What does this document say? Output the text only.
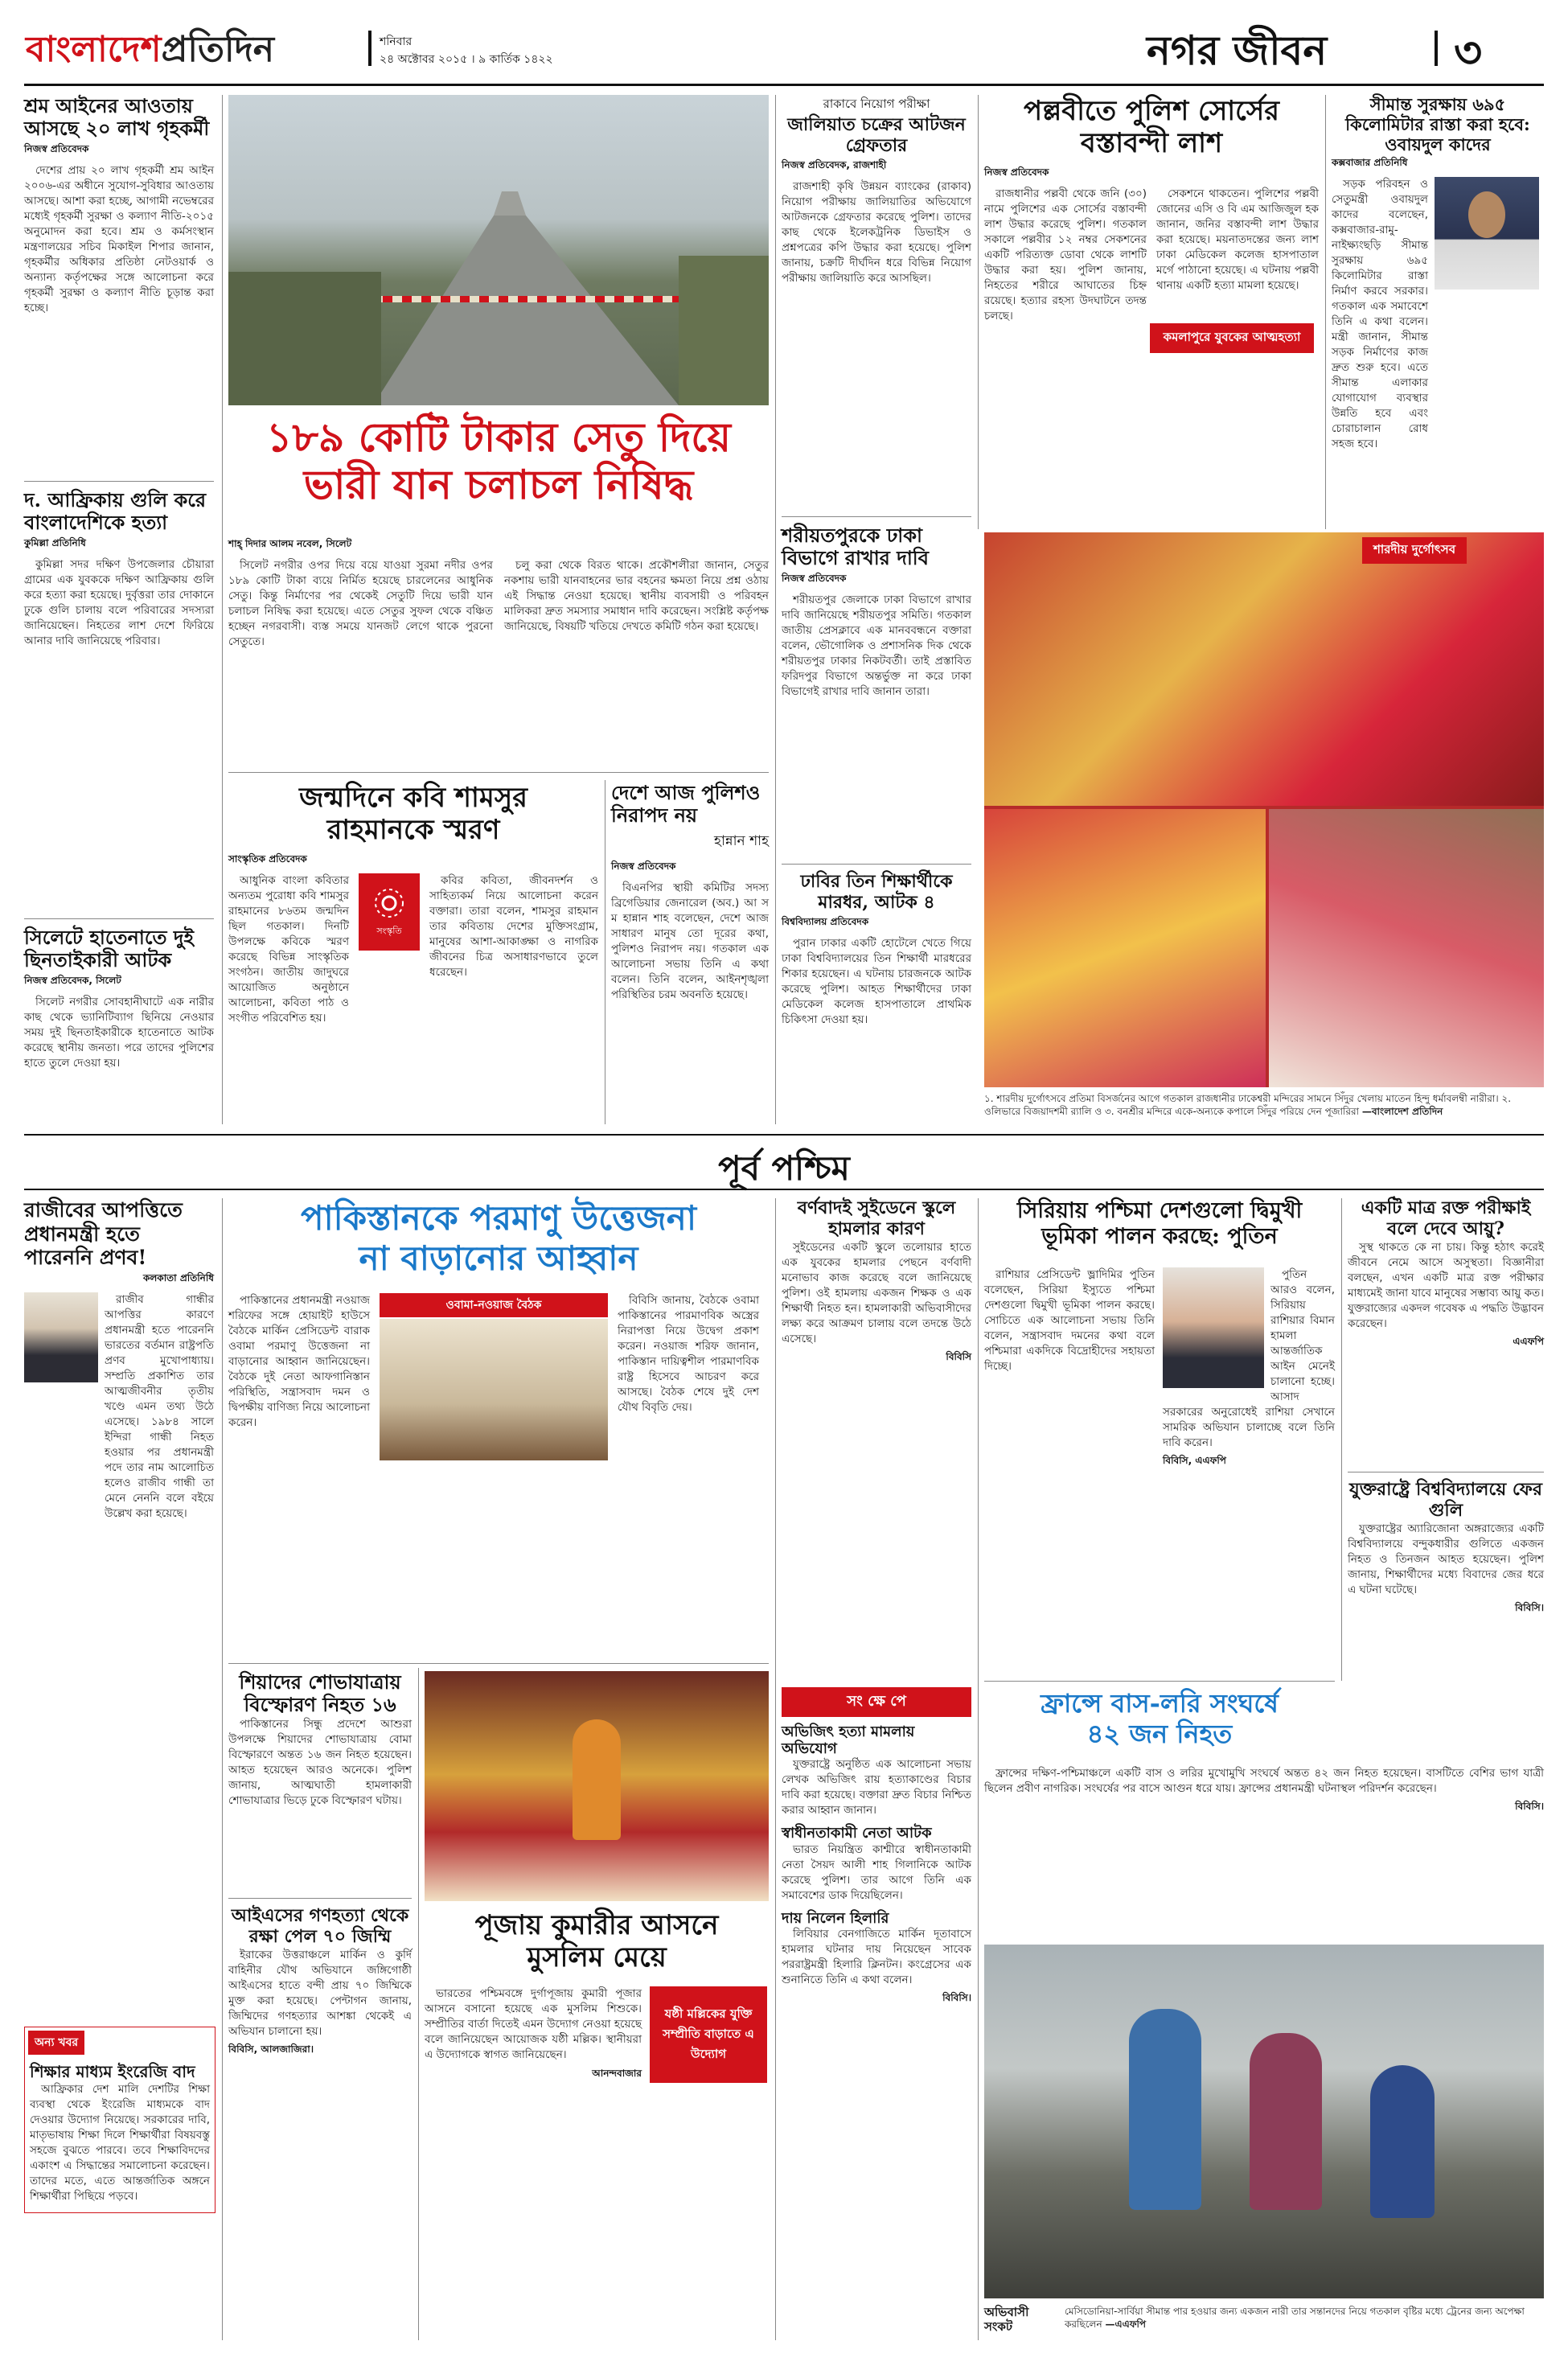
বাংলাদেশপ্রতিদিন	শনিবার
২৪ অক্টোবর ২০১৫ । ৯ কার্তিক ১৪২২	নগর জীবন	৩
শ্রম আইনের আওতায় আসছে ২০ লাখ গৃহকর্মী
নিজস্ব প্রতিবেদক

দেশের প্রায় ২০ লাখ গৃহকর্মী শ্রম আইন ২০০৬-এর অধীনে সুযোগ-সুবিধার আওতায় আসছে। আশা করা হচ্ছে, আগামী নভেম্বরের মধ্যেই গৃহকর্মী সুরক্ষা ও কল্যাণ নীতি-২০১৫ অনুমোদন করা হবে। শ্রম ও কর্মসংস্থান মন্ত্রণালয়ের সচিব মিকাইল শিপার জানান, গৃহকর্মীর অধিকার প্রতিষ্ঠা নেটওয়ার্ক ও অন্যান্য কর্তৃপক্ষের সঙ্গে আলোচনা করে গৃহকর্মী সুরক্ষা ও কল্যাণ নীতি চূড়ান্ত করা হচ্ছে।

দ. আফ্রিকায় গুলি করে বাংলাদেশিকে হত্যা
কুমিল্লা প্রতিনিধি

কুমিল্লা সদর দক্ষিণ উপজেলার চৌয়ারা গ্রামের এক যুবককে দক্ষিণ আফ্রিকায় গুলি করে হত্যা করা হয়েছে। দুর্বৃত্তরা তার দোকানে ঢুকে গুলি চালায় বলে পরিবারের সদস্যরা জানিয়েছেন। নিহতের লাশ দেশে ফিরিয়ে আনার দাবি জানিয়েছে পরিবার।

সিলেটে হাতেনাতে দুই ছিনতাইকারী আটক
নিজস্ব প্রতিবেদক, সিলেট

সিলেট নগরীর সোবহানীঘাটে এক নারীর কাছ থেকে ভ্যানিটিব্যাগ ছিনিয়ে নেওয়ার সময় দুই ছিনতাইকারীকে হাতেনাতে আটক করেছে স্থানীয় জনতা। পরে তাদের পুলিশের হাতে তুলে দেওয়া হয়।

১৮৯ কোটি টাকার সেতু দিয়ে
ভারী যান চলাচল নিষিদ্ধ
শাহ্ দিদার আলম নবেল, সিলেট

সিলেট নগরীর ওপর দিয়ে বয়ে যাওয়া সুরমা নদীর ওপর ১৮৯ কোটি টাকা ব্যয়ে নির্মিত হয়েছে চারলেনের আধুনিক সেতু। কিন্তু নির্মাণের পর থেকেই সেতুটি দিয়ে ভারী যান চলাচল নিষিদ্ধ করা হয়েছে। এতে সেতুর সুফল থেকে বঞ্চিত হচ্ছেন নগরবাসী। ব্যস্ত সময়ে যানজট লেগে থাকে পুরনো সেতুতে।

চলু করা থেকে বিরত থাকে। প্রকৌশলীরা জানান, সেতুর নকশায় ভারী যানবাহনের ভার বহনের ক্ষমতা নিয়ে প্রশ্ন ওঠায় এই সিদ্ধান্ত নেওয়া হয়েছে। স্থানীয় ব্যবসায়ী ও পরিবহন মালিকরা দ্রুত সমস্যার সমাধান দাবি করেছেন। সংশ্লিষ্ট কর্তৃপক্ষ জানিয়েছে, বিষয়টি খতিয়ে দেখতে কমিটি গঠন করা হয়েছে।

জন্মদিনে কবি শামসুর
রাহমানকে স্মরণ
সাংস্কৃতিক প্রতিবেদক

আধুনিক বাংলা কবিতার অন্যতম পুরোধা কবি শামসুর রাহমানের ৮৬তম জন্মদিন ছিল গতকাল। দিনটি উপলক্ষে কবিকে স্মরণ করেছে বিভিন্ন সাংস্কৃতিক সংগঠন। জাতীয় জাদুঘরে আয়োজিত অনুষ্ঠানে আলোচনা, কবিতা পাঠ ও সংগীত পরিবেশিত হয়।

সংস্কৃতি

কবির কবিতা, জীবনদর্শন ও সাহিত্যকর্ম নিয়ে আলোচনা করেন বক্তারা। তারা বলেন, শামসুর রাহমান তার কবিতায় দেশের মুক্তিসংগ্রাম, মানুষের আশা-আকাঙ্ক্ষা ও নাগরিক জীবনের চিত্র অসাধারণভাবে তুলে ধরেছেন।

দেশে আজ পুলিশও
নিরাপদ নয়
হান্নান শাহ
নিজস্ব প্রতিবেদক

বিএনপির স্থায়ী কমিটির সদস্য ব্রিগেডিয়ার জেনারেল (অব.) আ স ম হান্নান শাহ বলেছেন, দেশে আজ সাধারণ মানুষ তো দূরের কথা, পুলিশও নিরাপদ নয়। গতকাল এক আলোচনা সভায় তিনি এ কথা বলেন। তিনি বলেন, আইনশৃঙ্খলা পরিস্থিতির চরম অবনতি হয়েছে।

রাকাবে নিয়োগ পরীক্ষা
জালিয়াত চক্রের আটজন গ্রেফতার
নিজস্ব প্রতিবেদক, রাজশাহী

রাজশাহী কৃষি উন্নয়ন ব্যাংকের (রাকাব) নিয়োগ পরীক্ষায় জালিয়াতির অভিযোগে আটজনকে গ্রেফতার করেছে পুলিশ। তাদের কাছ থেকে ইলেকট্রনিক ডিভাইস ও প্রশ্নপত্রের কপি উদ্ধার করা হয়েছে। পুলিশ জানায়, চক্রটি দীর্ঘদিন ধরে বিভিন্ন নিয়োগ পরীক্ষায় জালিয়াতি করে আসছিল।

শরীয়তপুরকে ঢাকা বিভাগে রাখার দাবি
নিজস্ব প্রতিবেদক

শরীয়তপুর জেলাকে ঢাকা বিভাগে রাখার দাবি জানিয়েছে শরীয়তপুর সমিতি। গতকাল জাতীয় প্রেসক্লাবে এক মানববন্ধনে বক্তারা বলেন, ভৌগোলিক ও প্রশাসনিক দিক থেকে শরীয়তপুর ঢাকার নিকটবর্তী। তাই প্রস্তাবিত ফরিদপুর বিভাগে অন্তর্ভুক্ত না করে ঢাকা বিভাগেই রাখার দাবি জানান তারা।

ঢাবির তিন শিক্ষার্থীকে মারধর, আটক ৪
বিশ্ববিদ্যালয় প্রতিবেদক

পুরান ঢাকার একটি হোটেলে খেতে গিয়ে ঢাকা বিশ্ববিদ্যালয়ের তিন শিক্ষার্থী মারধরের শিকার হয়েছেন। এ ঘটনায় চারজনকে আটক করেছে পুলিশ। আহত শিক্ষার্থীদের ঢাকা মেডিকেল কলেজ হাসপাতালে প্রাথমিক চিকিৎসা দেওয়া হয়।

পল্লবীতে পুলিশ সোর্সের
বস্তাবন্দী লাশ
নিজস্ব প্রতিবেদক

রাজধানীর পল্লবী থেকে জনি (৩০) নামে পুলিশের এক সোর্সের বস্তাবন্দী লাশ উদ্ধার করেছে পুলিশ। গতকাল সকালে পল্লবীর ১২ নম্বর সেকশনের একটি পরিত্যক্ত ডোবা থেকে লাশটি উদ্ধার করা হয়। পুলিশ জানায়, নিহতের শরীরে আঘাতের চিহ্ন রয়েছে। হত্যার রহস্য উদঘাটনে তদন্ত চলছে।

সেকশনে থাকতেন। পুলিশের পল্লবী জোনের এসি ও বি এম আজিজুল হক জানান, জনির বস্তাবন্দী লাশ উদ্ধার করা হয়েছে। ময়নাতদন্তের জন্য লাশ ঢাকা মেডিকেল কলেজ হাসপাতাল মর্গে পাঠানো হয়েছে। এ ঘটনায় পল্লবী থানায় একটি হত্যা মামলা হয়েছে।

কমলাপুরে যুবকের আত্মহত্যা
সীমান্ত সুরক্ষায় ৬৯৫ কিলোমিটার রাস্তা করা হবে: ওবায়দুল কাদের
কক্সবাজার প্রতিনিধি

সড়ক পরিবহন ও সেতুমন্ত্রী ওবায়দুল কাদের বলেছেন, কক্সবাজার-রামু-নাইক্ষ্যংছড়ি সীমান্ত সুরক্ষায় ৬৯৫ কিলোমিটার রাস্তা নির্মাণ করবে সরকার। গতকাল এক সমাবেশে তিনি এ কথা বলেন। মন্ত্রী জানান, সীমান্ত সড়ক নির্মাণের কাজ দ্রুত শুরু হবে। এতে সীমান্ত এলাকার যোগাযোগ ব্যবস্থার উন্নতি হবে এবং চোরাচালান রোধ সহজ হবে।

শারদীয় দুর্গোৎসব
১. শারদীয় দুর্গোৎসবে প্রতিমা বিসর্জনের আগে গতকাল রাজধানীর ঢাকেশ্বরী মন্দিরের সামনে সিঁদুর খেলায় মাতেন হিন্দু ধর্মাবলম্বী নারীরা। ২. ওলিভারে বিজয়াদশমী র‌্যালি ও ৩. বনশ্রীর মন্দিরে একে-অন্যকে কপালে সিঁদুর পরিয়ে দেন পূজারিরা —বাংলাদেশ প্রতিদিন
পূর্ব পশ্চিম
রাজীবের আপত্তিতে প্রধানমন্ত্রী হতে পারেননি প্রণব!
কলকাতা প্রতিনিধি

রাজীব গান্ধীর আপত্তির কারণে প্রধানমন্ত্রী হতে পারেননি ভারতের বর্তমান রাষ্ট্রপতি প্রণব মুখোপাধ্যায়। সম্প্রতি প্রকাশিত তার আত্মজীবনীর তৃতীয় খণ্ডে এমন তথ্য উঠে এসেছে। ১৯৮৪ সালে ইন্দিরা গান্ধী নিহত হওয়ার পর প্রধানমন্ত্রী পদে তার নাম আলোচিত হলেও রাজীব গান্ধী তা মেনে নেননি বলে বইয়ে উল্লেখ করা হয়েছে।

অন্য খবর
শিক্ষার মাধ্যম ইংরেজি বাদ

আফ্রিকার দেশ মালি দেশটির শিক্ষা ব্যবস্থা থেকে ইংরেজি মাধ্যমকে বাদ দেওয়ার উদ্যোগ নিয়েছে। সরকারের দাবি, মাতৃভাষায় শিক্ষা দিলে শিক্ষার্থীরা বিষয়বস্তু সহজে বুঝতে পারবে। তবে শিক্ষাবিদদের একাংশ এ সিদ্ধান্তের সমালোচনা করেছেন। তাদের মতে, এতে আন্তর্জাতিক অঙ্গনে শিক্ষার্থীরা পিছিয়ে পড়বে।

পাকিস্তানকে পরমাণু উত্তেজনা
না বাড়ানোর আহ্বান

পাকিস্তানের প্রধানমন্ত্রী নওয়াজ শরিফের সঙ্গে হোয়াইট হাউসে বৈঠকে মার্কিন প্রেসিডেন্ট বারাক ওবামা পরমাণু উত্তেজনা না বাড়ানোর আহ্বান জানিয়েছেন। বৈঠকে দুই নেতা আফগানিস্তান পরিস্থিতি, সন্ত্রাসবাদ দমন ও দ্বিপক্ষীয় বাণিজ্য নিয়ে আলোচনা করেন।

ওবামা-নওয়াজ বৈঠক	বিবিসি জানায়, বৈঠকে ওবামা পাকিস্তানের পারমাণবিক অস্ত্রের নিরাপত্তা নিয়ে উদ্বেগ প্রকাশ করেন। নওয়াজ শরিফ জানান, পাকিস্তান দায়িত্বশীল পারমাণবিক রাষ্ট্র হিসেবে আচরণ করে আসছে। বৈঠক শেষে দুই দেশ যৌথ বিবৃতি দেয়।

শিয়াদের শোভাযাত্রায় বিস্ফোরণ নিহত ১৬

পাকিস্তানের সিন্ধু প্রদেশে আশুরা উপলক্ষে শিয়াদের শোভাযাত্রায় বোমা বিস্ফোরণে অন্তত ১৬ জন নিহত হয়েছেন। আহত হয়েছেন আরও অনেকে। পুলিশ জানায়, আত্মঘাতী হামলাকারী শোভাযাত্রার ভিড়ে ঢুকে বিস্ফোরণ ঘটায়।

আইএসের গণহত্যা থেকে রক্ষা পেল ৭০ জিম্মি

ইরাকের উত্তরাঞ্চলে মার্কিন ও কুর্দি বাহিনীর যৌথ অভিযানে জঙ্গিগোষ্ঠী আইএসের হাতে বন্দী প্রায় ৭০ জিম্মিকে মুক্ত করা হয়েছে। পেন্টাগন জানায়, জিম্মিদের গণহত্যার আশঙ্কা থেকেই এ অভিযান চালানো হয়।

বিবিসি, আলজাজিরা।
পূজায় কুমারীর আসনে
মুসলিম মেয়ে

ভারতের পশ্চিমবঙ্গে দুর্গাপূজায় কুমারী পূজার আসনে বসানো হয়েছে এক মুসলিম শিশুকে। সম্প্রীতির বার্তা দিতেই এমন উদ্যোগ নেওয়া হয়েছে বলে জানিয়েছেন আয়োজক যষ্ঠী মল্লিক। স্থানীয়রা এ উদ্যোগকে স্বাগত জানিয়েছেন।

আনন্দবাজার
যষ্ঠী মল্লিকের যুক্তি সম্প্রীতি বাড়াতে এ উদ্যোগ
বর্ণবাদই সুইডেনে স্কুলে হামলার কারণ

সুইডেনের একটি স্কুলে তলোয়ার হাতে এক যুবকের হামলার পেছনে বর্ণবাদী মনোভাব কাজ করেছে বলে জানিয়েছে পুলিশ। ওই হামলায় একজন শিক্ষক ও এক শিক্ষার্থী নিহত হন। হামলাকারী অভিবাসীদের লক্ষ্য করে আক্রমণ চালায় বলে তদন্তে উঠে এসেছে।

বিবিসি
সং ক্ষে পে
অভিজিৎ হত্যা মামলায় অভিযোগ

যুক্তরাষ্ট্রে অনুষ্ঠিত এক আলোচনা সভায় লেখক অভিজিৎ রায় হত্যাকাণ্ডের বিচার দাবি করা হয়েছে। বক্তারা দ্রুত বিচার নিশ্চিত করার আহ্বান জানান।

স্বাধীনতাকামী নেতা আটক

ভারত নিয়ন্ত্রিত কাশ্মীরে স্বাধীনতাকামী নেতা সৈয়দ আলী শাহ গিলানিকে আটক করেছে পুলিশ। তার আগে তিনি এক সমাবেশের ডাক দিয়েছিলেন।

দায় নিলেন হিলারি

লিবিয়ার বেনগাজিতে মার্কিন দূতাবাসে হামলার ঘটনার দায় নিয়েছেন সাবেক পররাষ্ট্রমন্ত্রী হিলারি ক্লিনটন। কংগ্রেসের এক শুনানিতে তিনি এ কথা বলেন।

বিবিসি।
সিরিয়ায় পশ্চিমা দেশগুলো দ্বিমুখী
ভূমিকা পালন করছে: পুতিন

রাশিয়ার প্রেসিডেন্ট ভ্লাদিমির পুতিন বলেছেন, সিরিয়া ইস্যুতে পশ্চিমা দেশগুলো দ্বিমুখী ভূমিকা পালন করছে। সোচিতে এক আলোচনা সভায় তিনি বলেন, সন্ত্রাসবাদ দমনের কথা বলে পশ্চিমারা একদিকে বিদ্রোহীদের সহায়তা দিচ্ছে।

পুতিন আরও বলেন, সিরিয়ায় রাশিয়ার বিমান হামলা আন্তর্জাতিক আইন মেনেই চালানো হচ্ছে। আসাদ সরকারের অনুরোধেই রাশিয়া সেখানে সামরিক অভিযান চালাচ্ছে বলে তিনি দাবি করেন।

বিবিসি, এএফপি
ফ্রান্সে বাস-লরি সংঘর্ষে
৪২ জন নিহত

ফ্রান্সের দক্ষিণ-পশ্চিমাঞ্চলে একটি বাস ও লরির মুখোমুখি সংঘর্ষে অন্তত ৪২ জন নিহত হয়েছেন। বাসটিতে বেশির ভাগ যাত্রী ছিলেন প্রবীণ নাগরিক। সংঘর্ষের পর বাসে আগুন ধরে যায়। ফ্রান্সের প্রধানমন্ত্রী ঘটনাস্থল পরিদর্শন করেছেন।

বিবিসি।
একটি মাত্র রক্ত পরীক্ষাই বলে দেবে আয়ু?

সুস্থ থাকতে কে না চায়। কিন্তু হঠাৎ করেই জীবনে নেমে আসে অসুস্থতা। বিজ্ঞানীরা বলছেন, এখন একটি মাত্র রক্ত পরীক্ষার মাধ্যমেই জানা যাবে মানুষের সম্ভাব্য আয়ু কত। যুক্তরাজ্যের একদল গবেষক এ পদ্ধতি উদ্ভাবন করেছেন।

এএফপি
যুক্তরাষ্ট্রে বিশ্ববিদ্যালয়ে ফের গুলি

যুক্তরাষ্ট্রের অ্যারিজোনা অঙ্গরাজ্যের একটি বিশ্ববিদ্যালয়ে বন্দুকধারীর গুলিতে একজন নিহত ও তিনজন আহত হয়েছেন। পুলিশ জানায়, শিক্ষার্থীদের মধ্যে বিবাদের জের ধরে এ ঘটনা ঘটেছে।

বিবিসি।
অভিবাসী সংকট
মেসিডোনিয়া-সার্বিয়া সীমান্ত পার হওয়ার জন্য একজন নারী তার সন্তানদের নিয়ে গতকাল বৃষ্টির মধ্যে ট্রেনের জন্য অপেক্ষা করছিলেন —এএফপি
